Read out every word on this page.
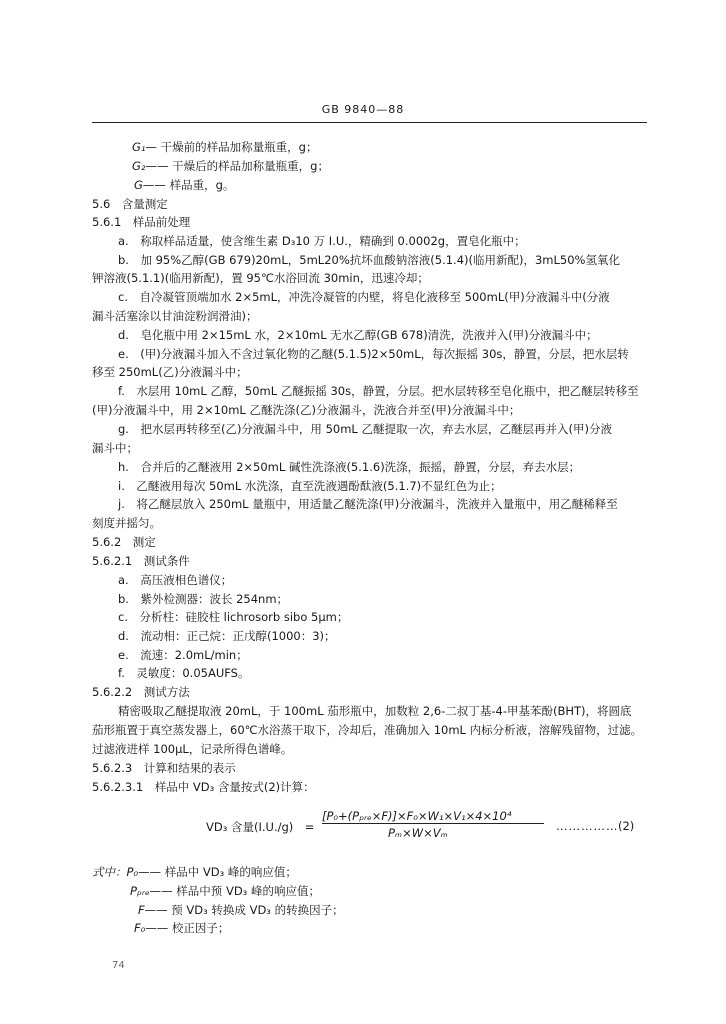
GB 9840—88
G₁— 干燥前的样品加称量瓶重，g；
G₂—— 干燥后的样品加称量瓶重，g；
G—— 样品重，g。
5.6　含量测定
5.6.1　样品前处理
a.　称取样品适量，使含维生素 D₃10 万 I.U.，精确到 0.0002g，置皂化瓶中；
b.　加 95%乙醇(GB 679)20mL，5mL20%抗坏血酸钠溶液(5.1.4)(临用新配)，3mL50%氢氧化
钾溶液(5.1.1)(临用新配)，置 95℃水浴回流 30min，迅速冷却；
c.　自冷凝管顶端加水 2×5mL，冲洗冷凝管的内壁，将皂化液移至 500mL(甲)分液漏斗中(分液
漏斗活塞涂以甘油淀粉润滑油)；
d.　皂化瓶中用 2×15mL 水，2×10mL 无水乙醇(GB 678)清洗，洗液并入(甲)分液漏斗中；
e.　(甲)分液漏斗加入不含过氧化物的乙醚(5.1.5)2×50mL，每次振摇 30s，静置，分层，把水层转
移至 250mL(乙)分液漏斗中；
f.　水层用 10mL 乙醇，50mL 乙醚振摇 30s，静置，分层。把水层转移至皂化瓶中，把乙醚层转移至
(甲)分液漏斗中，用 2×10mL 乙醚洗涤(乙)分液漏斗，洗液合并至(甲)分液漏斗中；
g.　把水层再转移至(乙)分液漏斗中，用 50mL 乙醚提取一次，弃去水层，乙醚层再并入(甲)分液
漏斗中；
h.　合并后的乙醚液用 2×50mL 碱性洗涤液(5.1.6)洗涤，振摇，静置，分层，弃去水层；
i.　乙醚液用每次 50mL 水洗涤，直至洗液遇酚酞液(5.1.7)不显红色为止；
j.　将乙醚层放入 250mL 量瓶中，用适量乙醚洗涤(甲)分液漏斗，洗液并入量瓶中，用乙醚稀释至
刻度并摇匀。
5.6.2　测定
5.6.2.1　测试条件
a.　高压液相色谱仪；
b.　紫外检测器：波长 254nm；
c.　分析柱：硅胶柱 lichrosorb sibo 5μm；
d.　流动相：正己烷：正戊醇(1000：3)；
e.　流速：2.0mL/min；
f.　灵敏度：0.05AUFS。
5.6.2.2　测试方法
精密吸取乙醚提取液 20mL，于 100mL 茄形瓶中，加数粒 2,6-二叔丁基-4-甲基苯酚(BHT)，将圆底
茄形瓶置于真空蒸发器上，60℃水浴蒸干取下，冷却后，准确加入 10mL 内标分析液，溶解残留物，过滤。
过滤液进样 100μL，记录所得色谱峰。
5.6.2.3　计算和结果的表示
5.6.2.3.1　样品中 VD₃ 含量按式(2)计算：
VD₃ 含量(I.U./g)　=
[P₀+(Pₚᵣₑ×F)]×F₀×W₁×V₁×4×10⁴
Pₘ×W×Vₘ	…………… (2)
式中：P₀—— 样品中 VD₃ 峰的响应值；
Pₚᵣₑ—— 样品中预 VD₃ 峰的响应值；
F—— 预 VD₃ 转换成 VD₃ 的转换因子；
F₀—— 校正因子；
74
